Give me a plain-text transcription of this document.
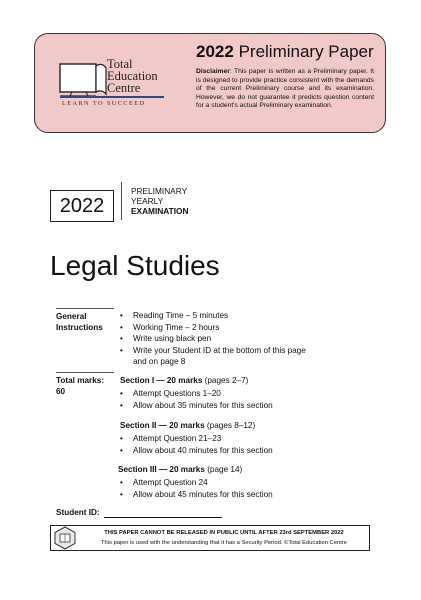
Total
Education
Centre
LEARN TO SUCCEED
2022 Preliminary Paper

Disclaimer: This paper is written as a Preliminary paper. It is designed to provide practice consistent with the demands of the current Preliminary course and its examination. However, we do not guarantee it predicts question content for a student's actual Preliminary examination.

2022
PRELIMINARY
YEARLY
EXAMINATION
Legal Studies
General
Instructions
• Reading Time – 5 minutes
• Working Time – 2 hours
• Write using black pen
• Write your Student ID at the bottom of this page and on page 8
Total marks:
60
Section I — 20 marks (pages 2–7)
• Attempt Questions 1–20
• Allow about 35 minutes for this section
Section II — 20 marks (pages 8–12)
• Attempt Question 21–23
• Allow about 40 minutes for this section
Section III — 20 marks (page 14)
• Attempt Question 24
• Allow about 45 minutes for this section
Student ID:
THIS PAPER CANNOT BE RELEASED IN PUBLIC UNTIL AFTER 23rd SEPTEMBER 2022
This paper is used with the understanding that it has a Security Period. ©Total Education Centre
